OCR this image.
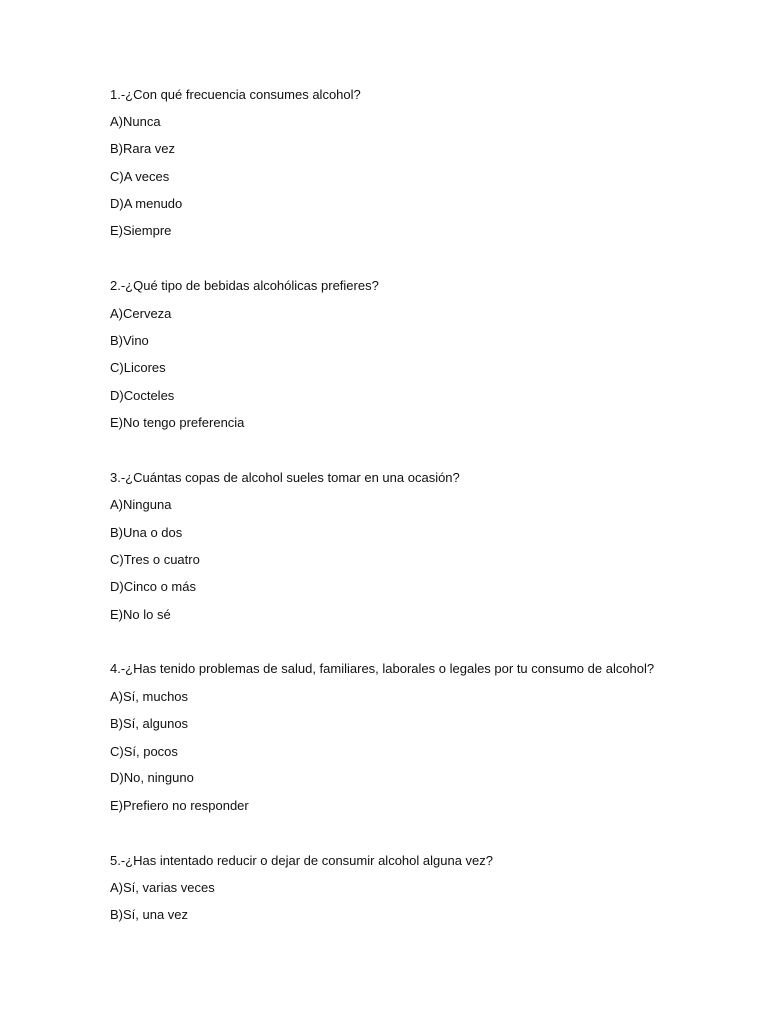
1.-¿Con qué frecuencia consumes alcohol?
A)Nunca
B)Rara vez
C)A veces
D)A menudo
E)Siempre
2.-¿Qué tipo de bebidas alcohólicas prefieres?
A)Cerveza
B)Vino
C)Licores
D)Cocteles
E)No tengo preferencia
3.-¿Cuántas copas de alcohol sueles tomar en una ocasión?
A)Ninguna
B)Una o dos
C)Tres o cuatro
D)Cinco o más
E)No lo sé
4.-¿Has tenido problemas de salud, familiares, laborales o legales por tu consumo de alcohol?
A)Sí, muchos
B)Sí, algunos
C)Sí, pocos
D)No, ninguno
E)Prefiero no responder
5.-¿Has intentado reducir o dejar de consumir alcohol alguna vez?
A)Sí, varias veces
B)Sí, una vez
